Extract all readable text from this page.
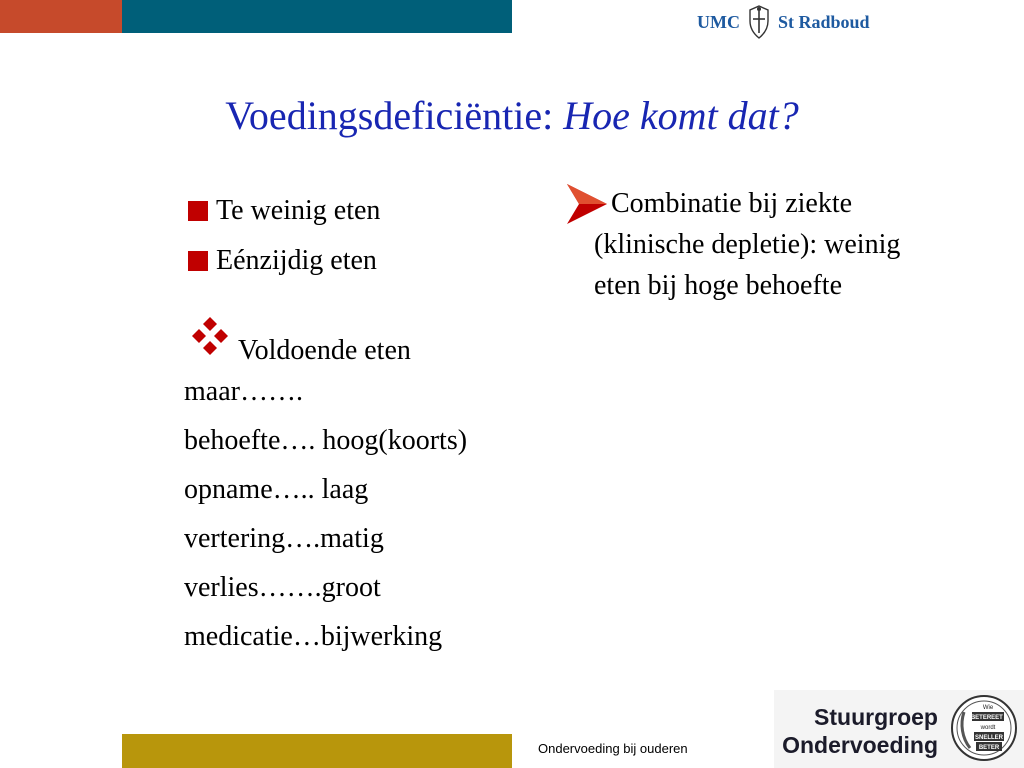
UMC St Radboud
Voedingsdeficiëntie: Hoe komt dat?
Te weinig eten
Eénzijdig eten
Voldoende eten
maar…….
behoefte…. hoog(koorts)
opname….. laag
vertering….matig
verlies…….groot
medicatie…bijwerking
Combinatie bij ziekte
(klinische depletie): weinig
eten bij hoge behoefte
Ondervoeding bij ouderen
Stuurgroep
Ondervoeding
Wie
BETER EET
wordt
SNELLER
BETER
